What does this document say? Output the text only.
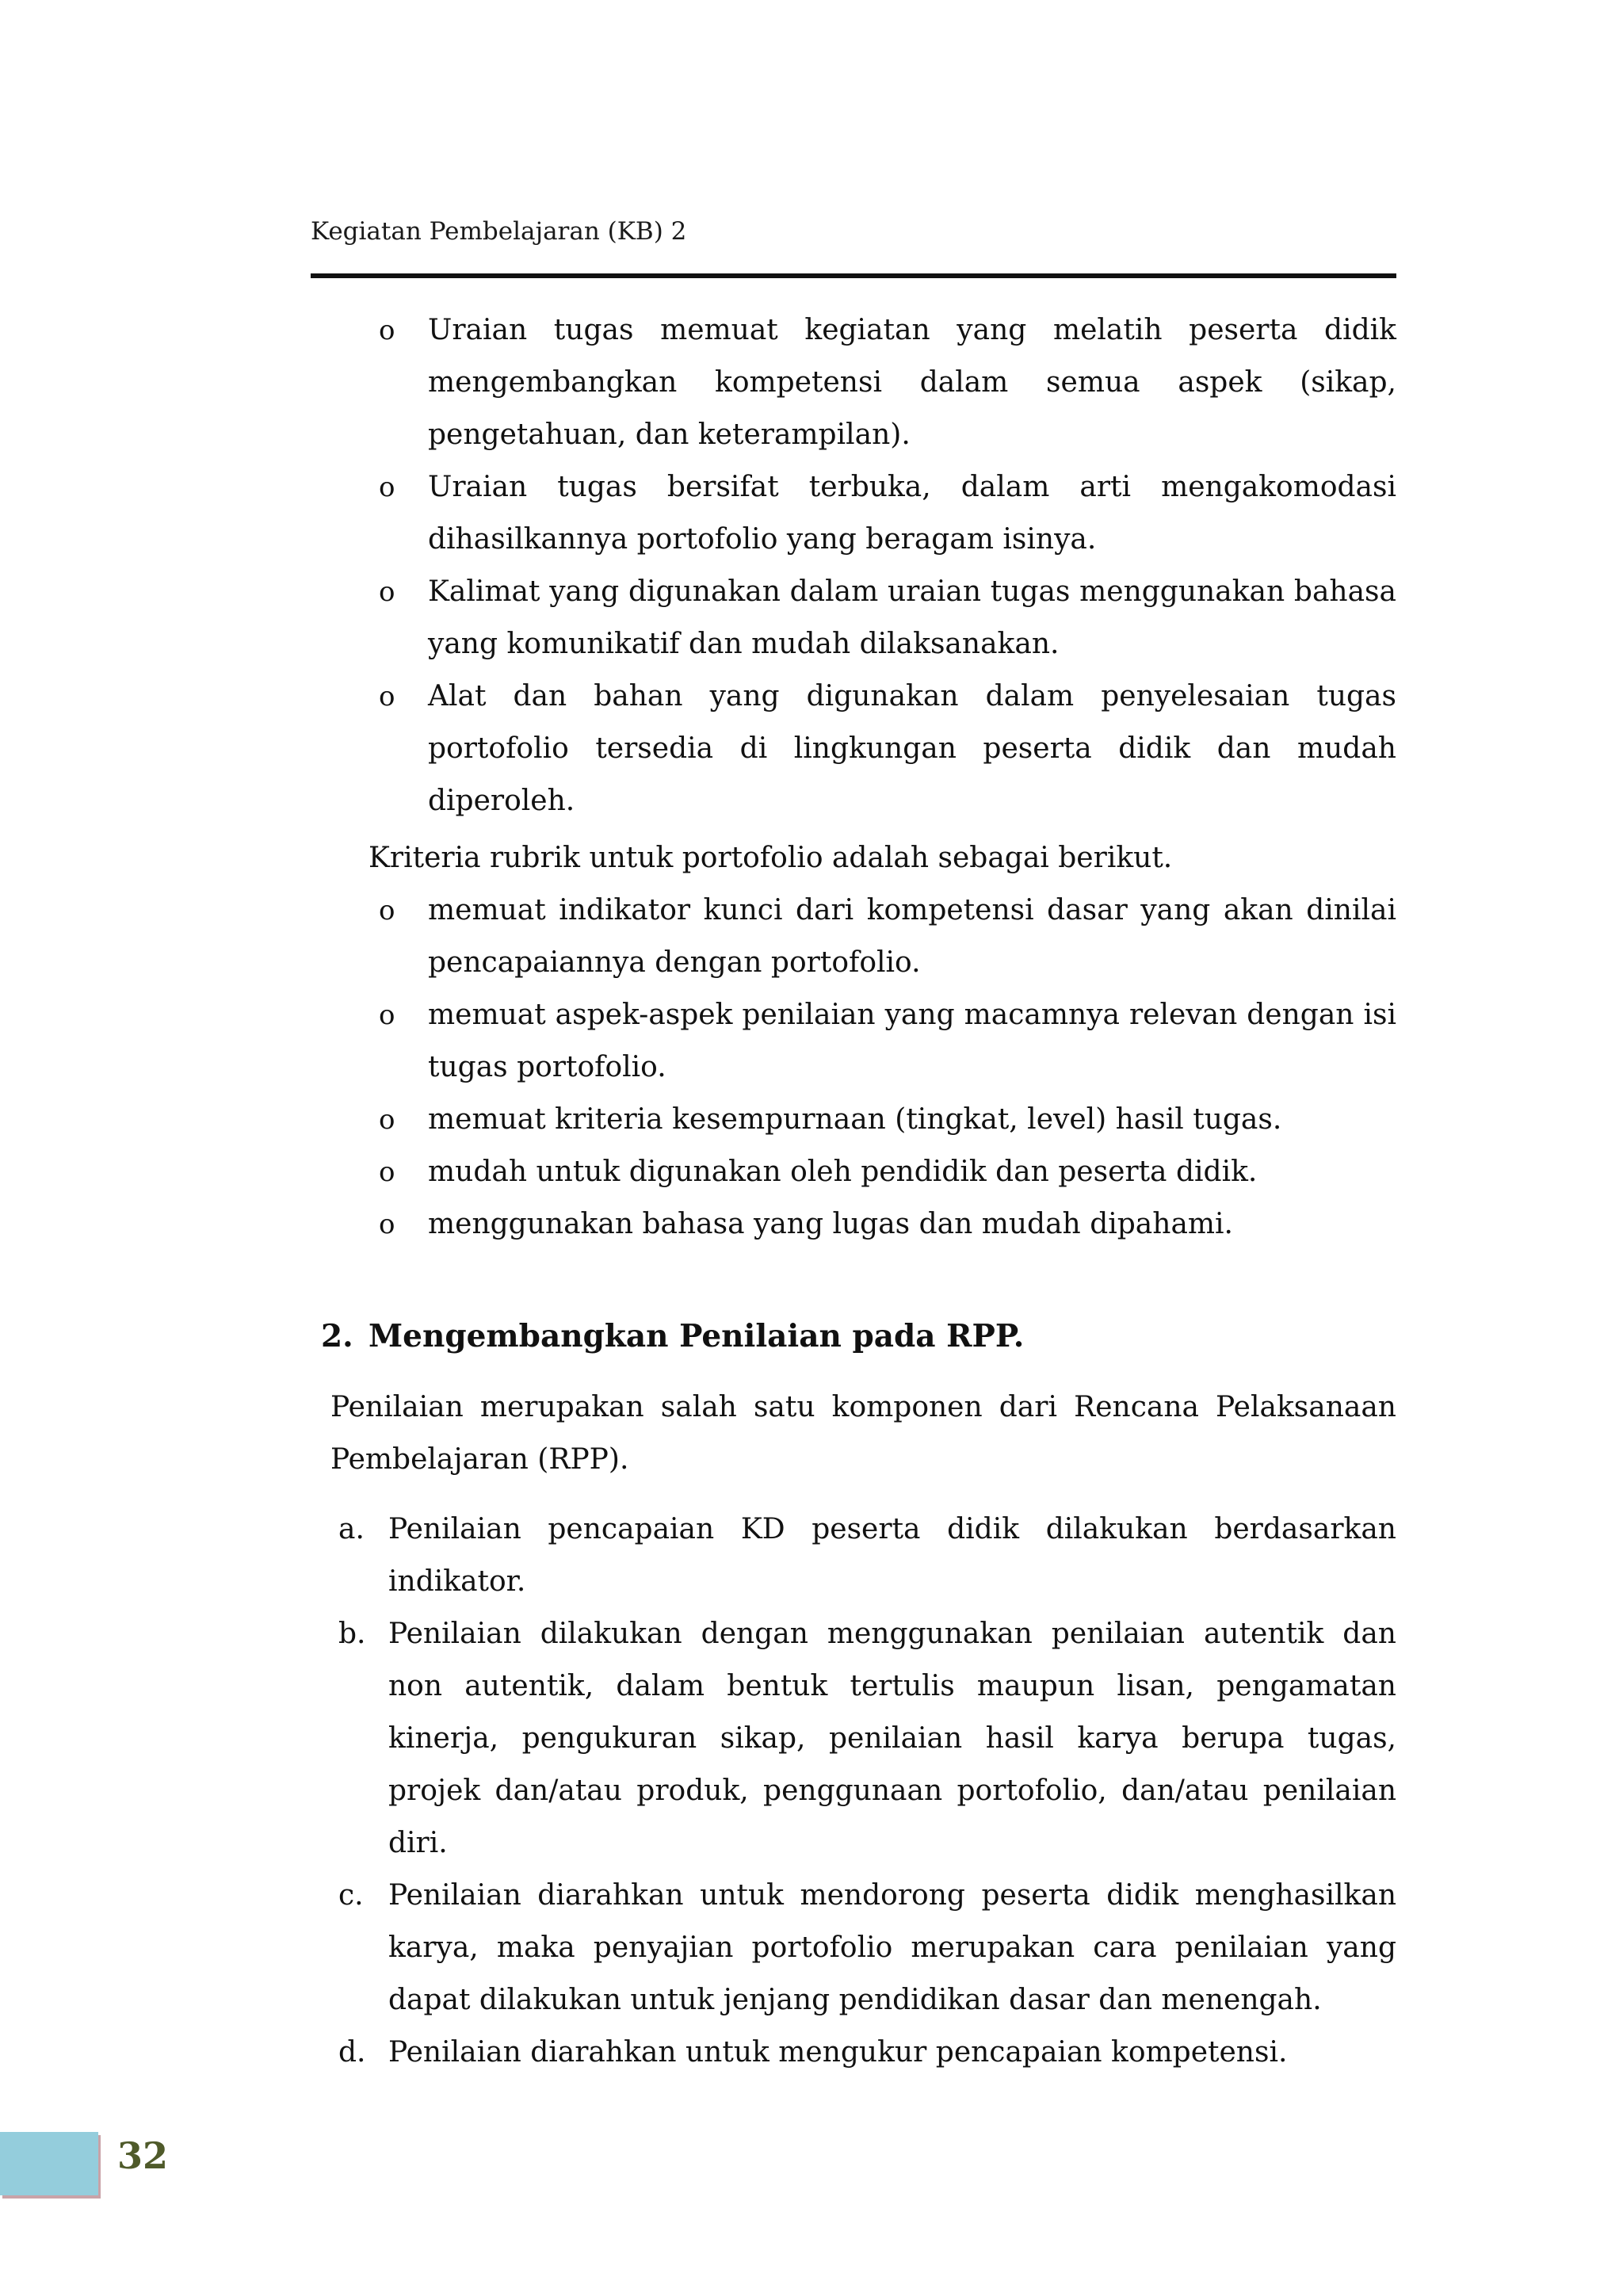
Kegiatan Pembelajaran (KB) 2
o Uraian tugas memuat kegiatan yang melatih peserta didik mengembangkan kompetensi dalam semua aspek (sikap, pengetahuan, dan keterampilan).
o Uraian tugas bersifat terbuka, dalam arti mengakomodasi dihasilkannya portofolio yang beragam isinya.
o Kalimat yang digunakan dalam uraian tugas menggunakan bahasa yang komunikatif dan mudah dilaksanakan.
o Alat dan bahan yang digunakan dalam penyelesaian tugas portofolio tersedia di lingkungan peserta didik dan mudah diperoleh.
Kriteria rubrik untuk portofolio adalah sebagai berikut.
o memuat indikator kunci dari kompetensi dasar yang akan dinilai pencapaiannya dengan portofolio.
o memuat aspek-aspek penilaian yang macamnya relevan dengan isi tugas portofolio.
o memuat kriteria kesempurnaan (tingkat, level) hasil tugas.
o mudah untuk digunakan oleh pendidik dan peserta didik.
o menggunakan bahasa yang lugas dan mudah dipahami.
2. Mengembangkan Penilaian pada RPP.
Penilaian merupakan salah satu komponen dari Rencana Pelaksanaan Pembelajaran (RPP).
a. Penilaian pencapaian KD peserta didik dilakukan berdasarkan indikator.
b. Penilaian dilakukan dengan menggunakan penilaian autentik dan non autentik, dalam bentuk tertulis maupun lisan, pengamatan kinerja, pengukuran sikap, penilaian hasil karya berupa tugas, projek dan/atau produk, penggunaan portofolio, dan/atau penilaian diri.
c. Penilaian diarahkan untuk mendorong peserta didik menghasilkan karya, maka penyajian portofolio merupakan cara penilaian yang dapat dilakukan untuk jenjang pendidikan dasar dan menengah.
d. Penilaian diarahkan untuk mengukur pencapaian kompetensi.
32
